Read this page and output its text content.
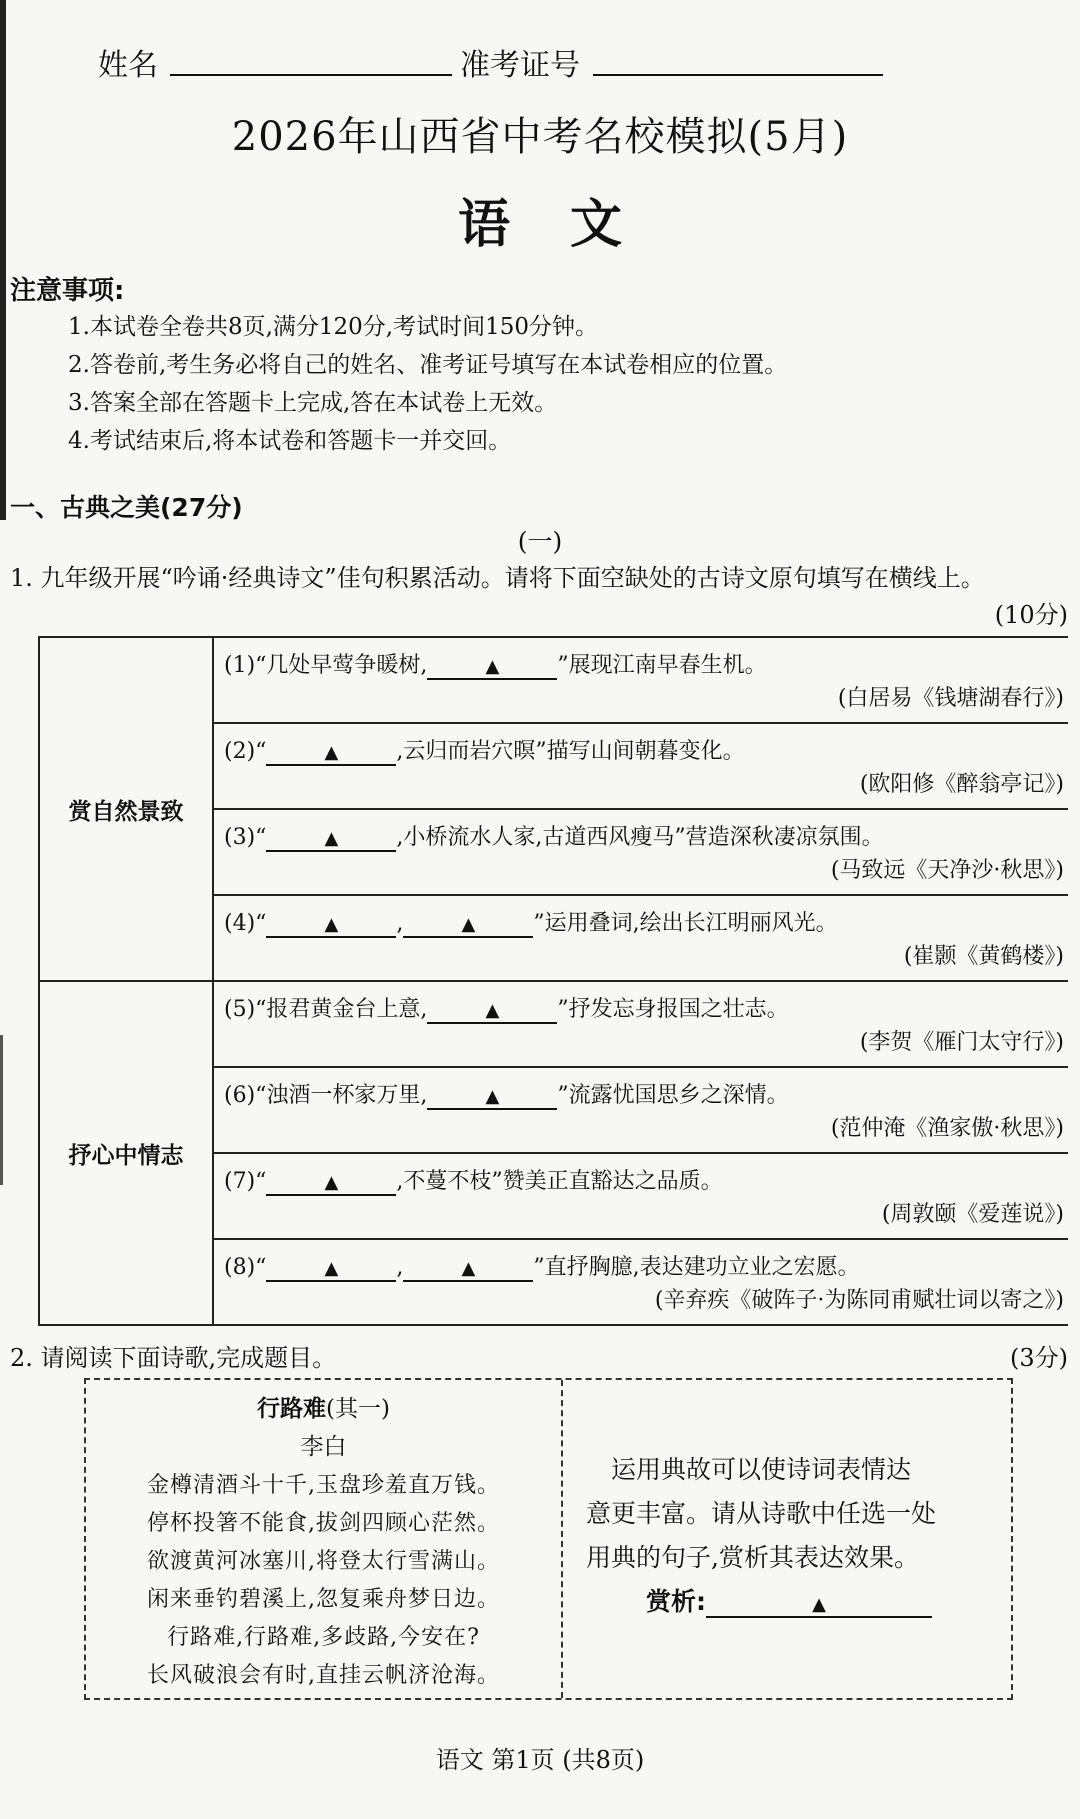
姓名	准考证号
2026年山西省中考名校模拟(5月)
语文
注意事项:
1.本试卷全卷共8页,满分120分,考试时间150分钟。
2.答卷前,考生务必将自己的姓名、准考证号填写在本试卷相应的位置。
3.答案全部在答题卡上完成,答在本试卷上无效。
4.考试结束后,将本试卷和答题卡一并交回。
一、古典之美(27分)
(一)
1. 九年级开展“吟诵·经典诗文”佳句积累活动。请将下面空缺处的古诗文原句填写在横线上。
(10分)
赏自然景致	(1)“几处早莺争暖树, ▲ ”展现江南早春生机。
(白居易《钱塘湖春行》)

	(2)“ ▲ ,云归而岩穴暝”描写山间朝暮变化。
(欧阳修《醉翁亭记》)

	(3)“ ▲ ,小桥流水人家,古道西风瘦马”营造深秋凄凉氛围。
(马致远《天净沙·秋思》)

	(4)“ ▲ , ▲ ”运用叠词,绘出长江明丽风光。
(崔颢《黄鹤楼》)

抒心中情志	(5)“报君黄金台上意, ▲ ”抒发忘身报国之壮志。
(李贺《雁门太守行》)

	(6)“浊酒一杯家万里, ▲ ”流露忧国思乡之深情。
(范仲淹《渔家傲·秋思》)

	(7)“ ▲ ,不蔓不枝”赞美正直豁达之品质。
(周敦颐《爱莲说》)

	(8)“ ▲ , ▲ ”直抒胸臆,表达建功立业之宏愿。
(辛弃疾《破阵子·为陈同甫赋壮词以寄之》)
2. 请阅读下面诗歌,完成题目。	(3分)
行路难(其一)
李白
金樽清酒斗十千,玉盘珍羞直万钱。
停杯投箸不能食,拔剑四顾心茫然。
欲渡黄河冰塞川,将登太行雪满山。
闲来垂钓碧溪上,忽复乘舟梦日边。
行路难,行路难,多歧路,今安在?
长风破浪会有时,直挂云帆济沧海。
　运用典故可以使诗词表情达
意更丰富。请从诗歌中任选一处
用典的句子,赏析其表达效果。
赏析:	▲
语文 第1页 (共8页)
